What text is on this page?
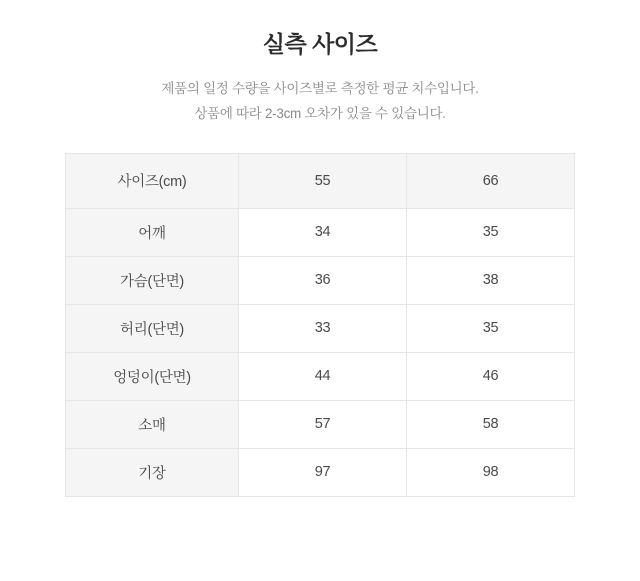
실측 사이즈
제품의 일정 수량을 사이즈별로 측정한 평균 치수입니다.
상품에 따라 2-3cm 오차가 있을 수 있습니다.
사이즈(cm)	55	66
어깨	34	35
가슴(단면)	36	38
허리(단면)	33	35
엉덩이(단면)	44	46
소매	57	58
기장	97	98
